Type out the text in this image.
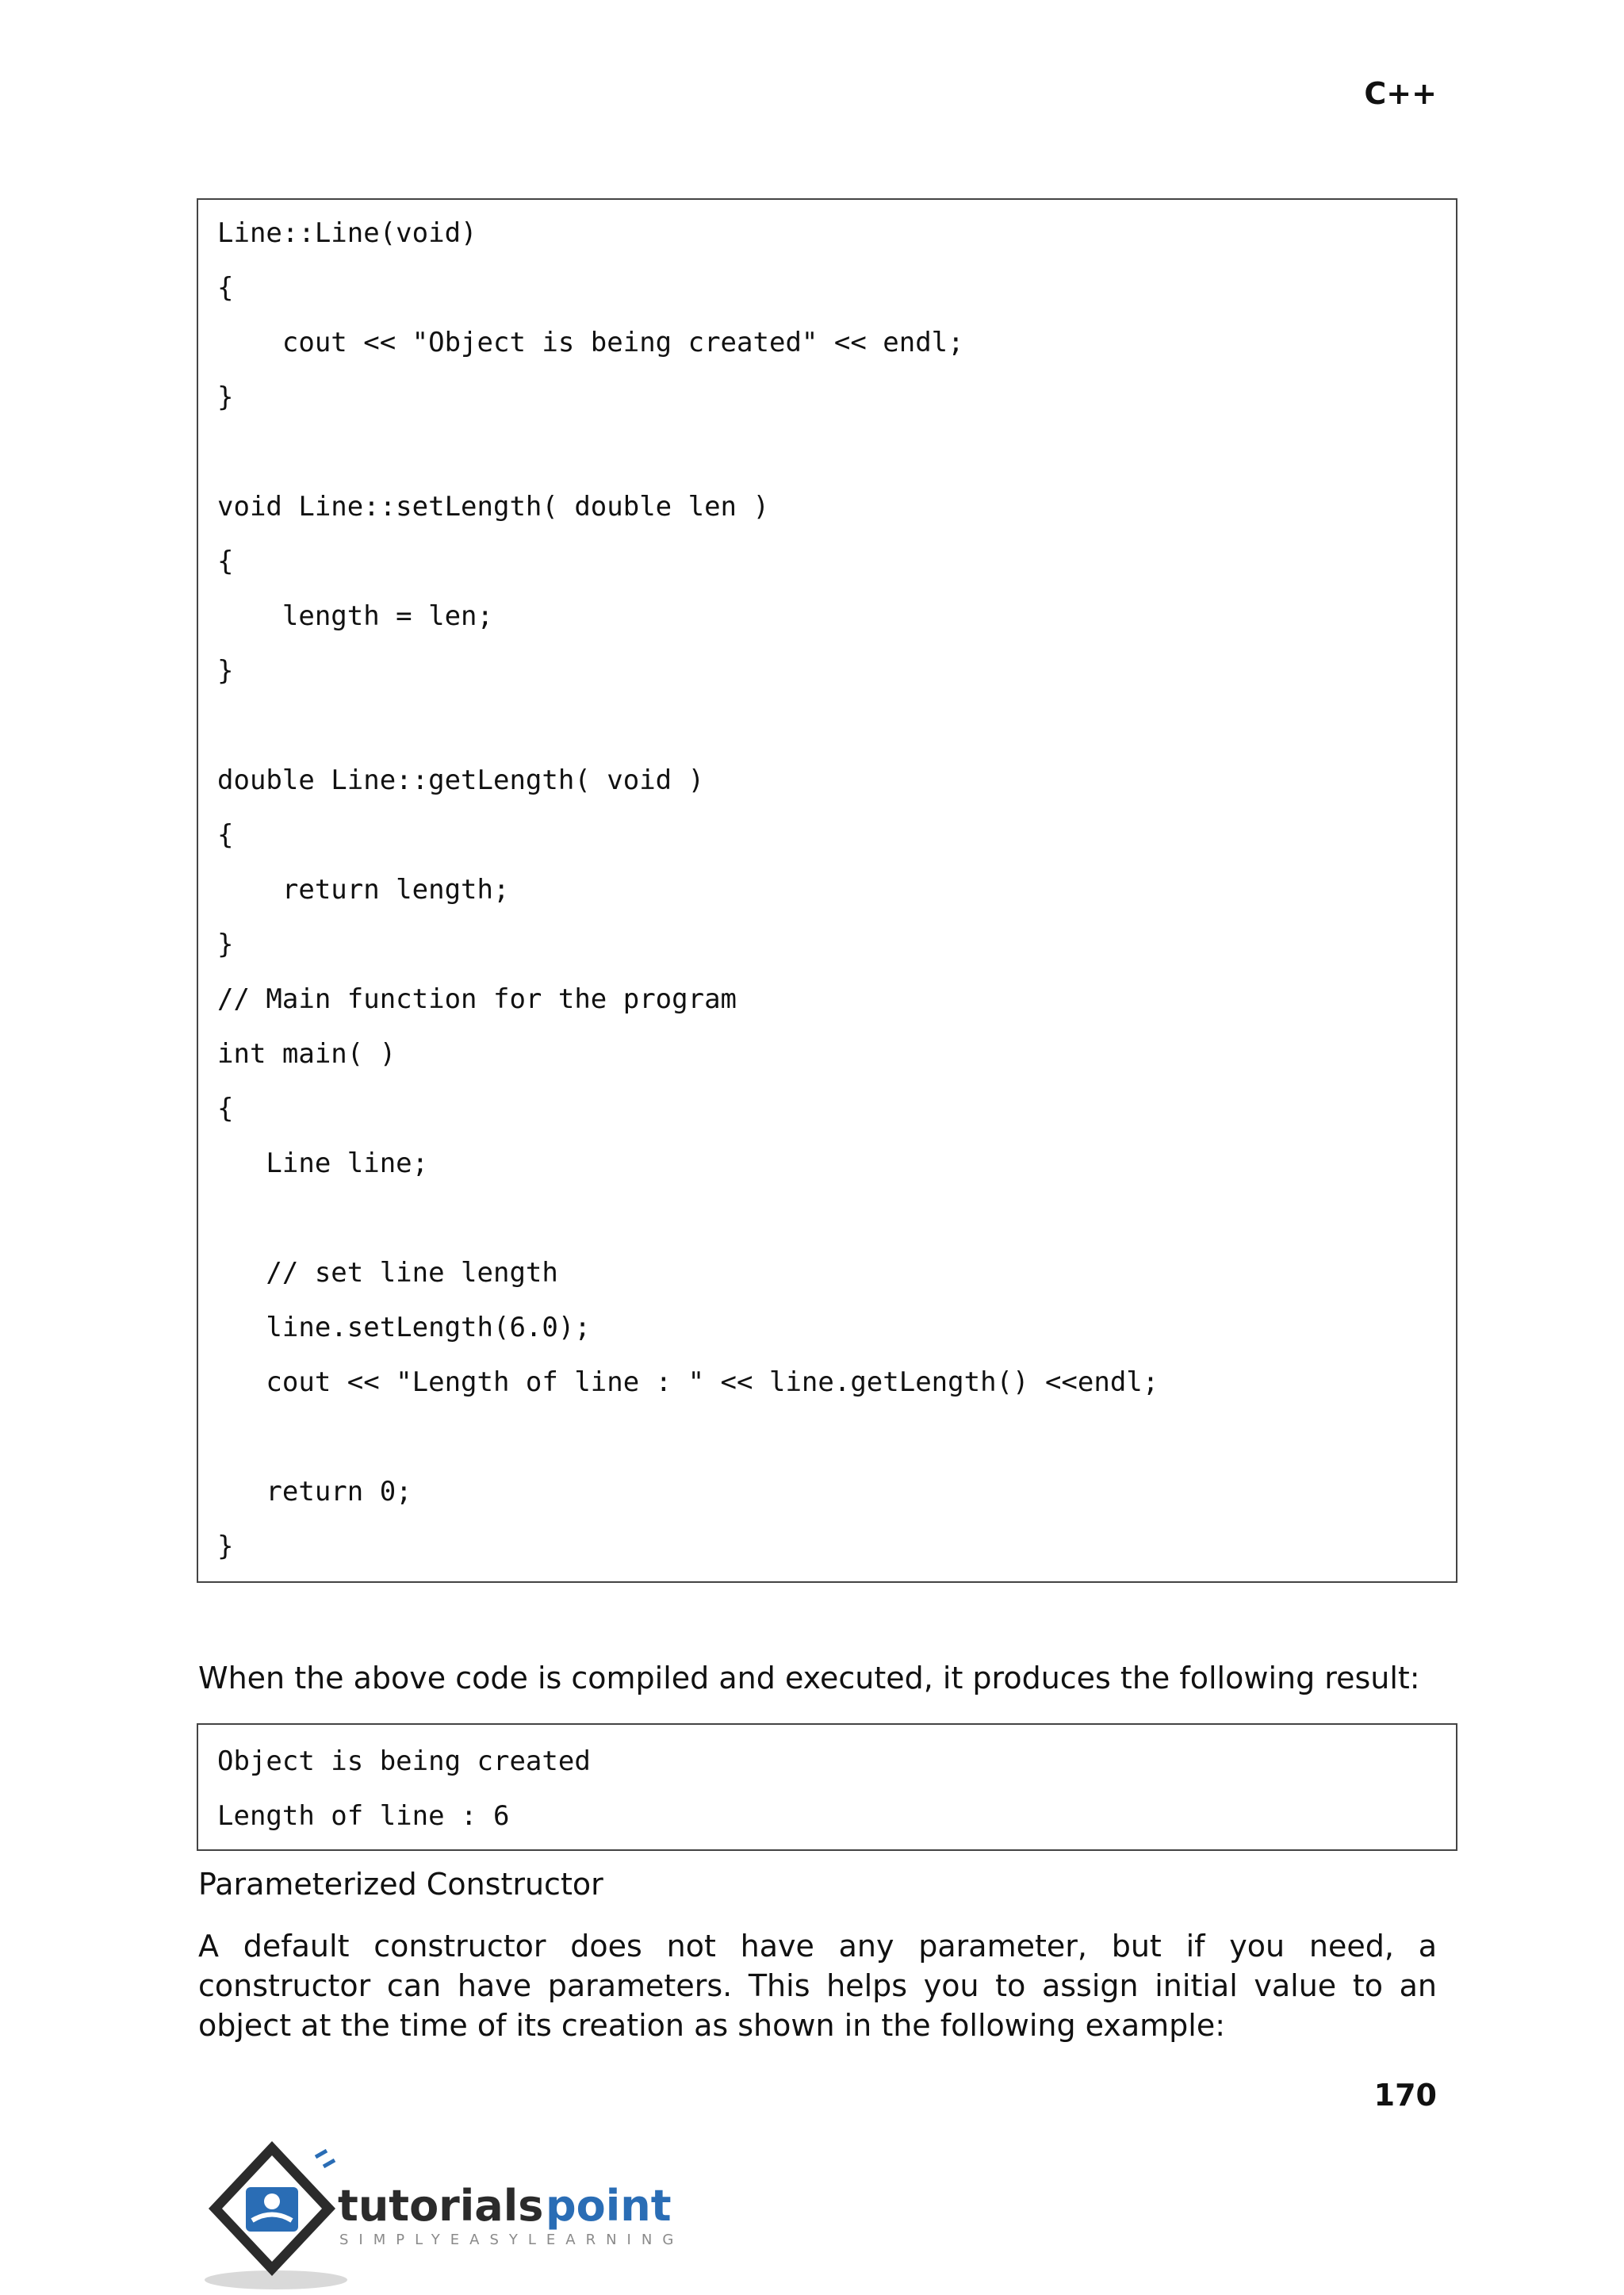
C++
Line::Line(void)
{
cout << "Object is being created" << endl;
}
void Line::setLength( double len )
{
length = len;
}
double Line::getLength( void )
{
return length;
}
// Main function for the program
int main( )
{
Line line;
// set line length
line.setLength(6.0);
cout << "Length of line : " << line.getLength() <<endl;
return 0;
}
When the above code is compiled and executed, it produces the following result:
Object is being created
Length of line : 6
Parameterized Constructor
A default constructor does not have any parameter, but if you need, a
constructor can have parameters. This helps you to assign initial value to an
object at the time of its creation as shown in the following example:
170
tutorials point
SIMPLYEASYLEARNING
